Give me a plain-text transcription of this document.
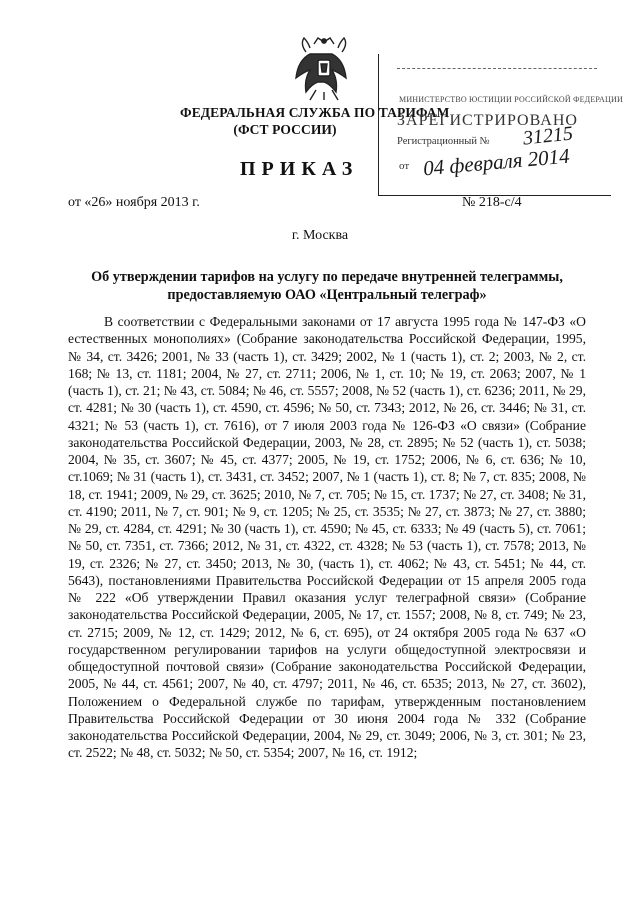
ФЕДЕРАЛЬНАЯ СЛУЖБА ПО ТАРИФАМ
(ФСТ РОССИИ)
МИНИСТЕРСТВО ЮСТИЦИИ РОССИЙСКОЙ ФЕДЕРАЦИИ
ЗАРЕГИСТРИРОВАНО
Регистрационный № 31215
от 04 февраля 2014
ПРИКАЗ
от «26» ноября 2013 г.	№ 218-с/4
г. Москва
Об утверждении тарифов на услугу по передаче внутренней телеграммы, предоставляемую ОАО «Центральный телеграф»

В соответствии с Федеральными законами от 17 августа 1995 года № 147-ФЗ «О естественных монополиях» (Собрание законодательства Российской Федерации, 1995, № 34, ст. 3426; 2001, № 33 (часть 1), ст. 3429; 2002, № 1 (часть 1), ст. 2; 2003, № 2, ст. 168; № 13, ст. 1181; 2004, № 27, ст. 2711; 2006, № 1, ст. 10; № 19, ст. 2063; 2007, № 1 (часть 1), ст. 21; № 43, ст. 5084; № 46, ст. 5557; 2008, № 52 (часть 1), ст. 6236; 2011, № 29, ст. 4281; № 30 (часть 1), ст. 4590, ст. 4596; № 50, ст. 7343; 2012, № 26, ст. 3446; № 31, ст. 4321; № 53 (часть 1), ст. 7616), от 7 июля 2003 года № 126-ФЗ «О связи» (Собрание законодательства Российской Федерации, 2003, № 28, ст. 2895; № 52 (часть 1), ст. 5038; 2004, № 35, ст. 3607; № 45, ст. 4377; 2005, № 19, ст. 1752; 2006, № 6, ст. 636; № 10, ст.1069; № 31 (часть 1), ст. 3431, ст. 3452; 2007, № 1 (часть 1), ст. 8; № 7, ст. 835; 2008, № 18, ст. 1941; 2009, № 29, ст. 3625; 2010, № 7, ст. 705; № 15, ст. 1737; № 27, ст. 3408; № 31, ст. 4190; 2011, № 7, ст. 901; № 9, ст. 1205; № 25, ст. 3535; № 27, ст. 3873; № 27, ст. 3880; № 29, ст. 4284, ст. 4291; № 30 (часть 1), ст. 4590; № 45, ст. 6333; № 49 (часть 5), ст. 7061; № 50, ст. 7351, ст. 7366; 2012, № 31, ст. 4322, ст. 4328; № 53 (часть 1), ст. 7578; 2013, № 19, ст. 2326; № 27, ст. 3450; 2013, № 30, (часть 1), ст. 4062; № 43, ст. 5451; № 44, ст. 5643), постановлениями Правительства Российской Федерации от 15 апреля 2005 года № 222 «Об утверждении Правил оказания услуг телеграфной связи» (Собрание законодательства Российской Федерации, 2005, № 17, ст. 1557; 2008, № 8, ст. 749; № 23, ст. 2715; 2009, № 12, ст. 1429; 2012, № 6, ст. 695), от 24 октября 2005 года № 637 «О государственном регулировании тарифов на услуги общедоступной электросвязи и общедоступной почтовой связи» (Собрание законодательства Российской Федерации, 2005, № 44, ст. 4561; 2007, № 40, ст. 4797; 2011, № 46, ст. 6535; 2013, № 27, ст. 3602), Положением о Федеральной службе по тарифам, утвержденным постановлением Правительства Российской Федерации от 30 июня 2004 года № 332 (Собрание законодательства Российской Федерации, 2004, № 29, ст. 3049; 2006, № 3, ст. 301; № 23, ст. 2522; № 48, ст. 5032; № 50, ст. 5354; 2007, № 16, ст. 1912;
